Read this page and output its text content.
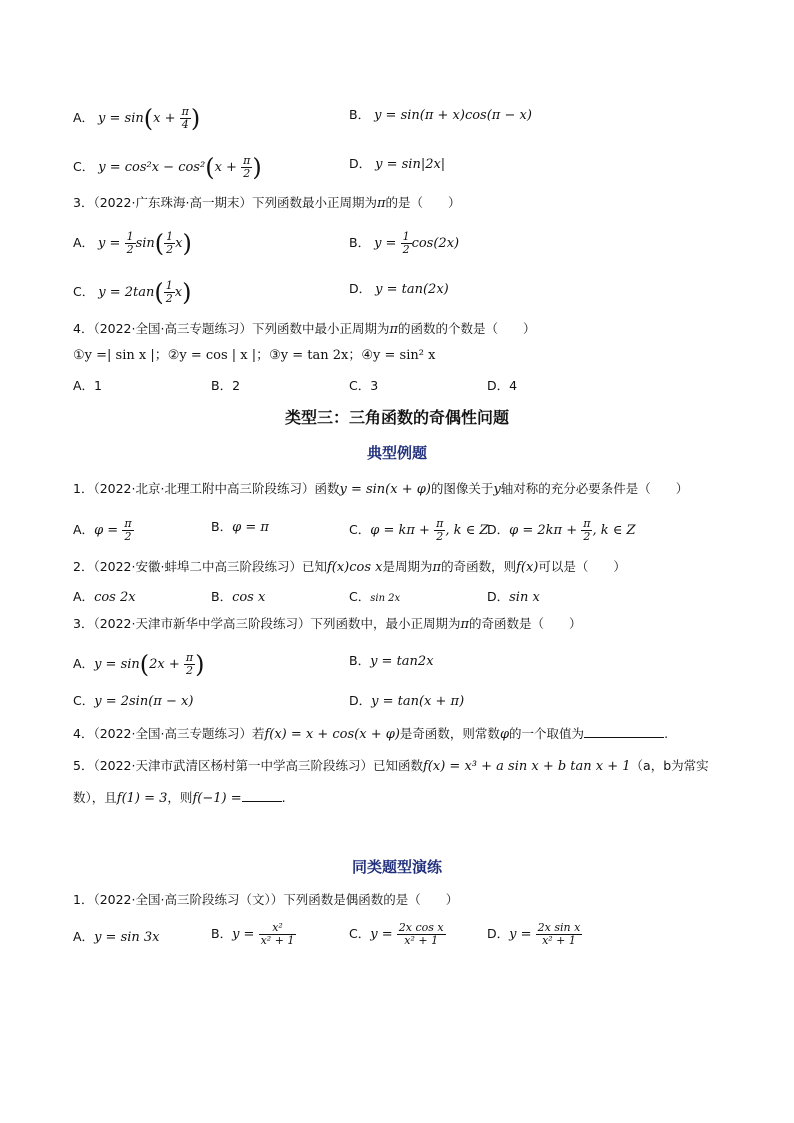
A． $y = \sin(x + \frac{\pi}{4}$ )	B． y = sin(π + x)cos(π − x)
C． $y = \cos^2x - \cos^2(x + \frac{\pi}{2}$ )	D． y = sin|2x|
3．（2022·广东珠海·高一期末）下列函数最小正周期为π的是（　　）
A． $y = \frac{1}{2} \sin( \frac{1}{2} x)$	B． $y = \frac{1}{2} \cos(2x)$
C． $y = 2\tan( \frac{1}{2} x)$	D． y = tan(2x)
4．（2022·全国·高三专题练习）下列函数中最小正周期为π的函数的个数是（　　）
①y =| sin x |；②y = cos | x |；③y = tan 2x；④y = sin² x
A．1	B．2	C．3	D．4
类型三：三角函数的奇偶性问题
典型例题
1．（2022·北京·北理工附中高三阶段练习）函数y = sin(x + φ)的图像关于y轴对称的充分必要条件是（　　）
A．$\varphi = \frac{\pi}{2}$	B．φ = π	C．$\varphi = k\pi + \frac{\pi}{2}$ , k ∈ Z
D．$\varphi = 2k\pi + \frac{\pi}{2}$ , k ∈ Z
2．（2022·安徽·蚌埠二中高三阶段练习）已知f(x)cos x是周期为π的奇函数，则f(x)可以是（　　）
A．cos 2x	B．cos x	C．sin 2x	D．sin x
3．（2022·天津市新华中学高三阶段练习）下列函数中，最小正周期为π的奇函数是（　　）
A．$y = \sin(2x + \frac{\pi}{2}$ )	B．y = tan2x
C．y = 2sin(π − x)	D．y = tan(x + π)
4．（2022·全国·高三专题练习）若f(x) = x + cos(x + φ)是奇函数，则常数φ的一个取值为	.
5．（2022·天津市武清区杨村第一中学高三阶段练习）已知函数f(x) = x³ + a sin x + b tan x + 1（a，b为常实
数），且f(1) = 3，则f(−1) =	.
同类题型演练
1．（2022·全国·高三阶段练习（文））下列函数是偶函数的是（　　）
A．y = sin 3x	B．$y = \frac{\text{x²}}{\text{x² + 1}}$	C．$y = \frac{\text{2x cos x}}{\text{x² + 1}}$	D．$y = \frac{\text{2x sin x}}{\text{x² + 1}}$
